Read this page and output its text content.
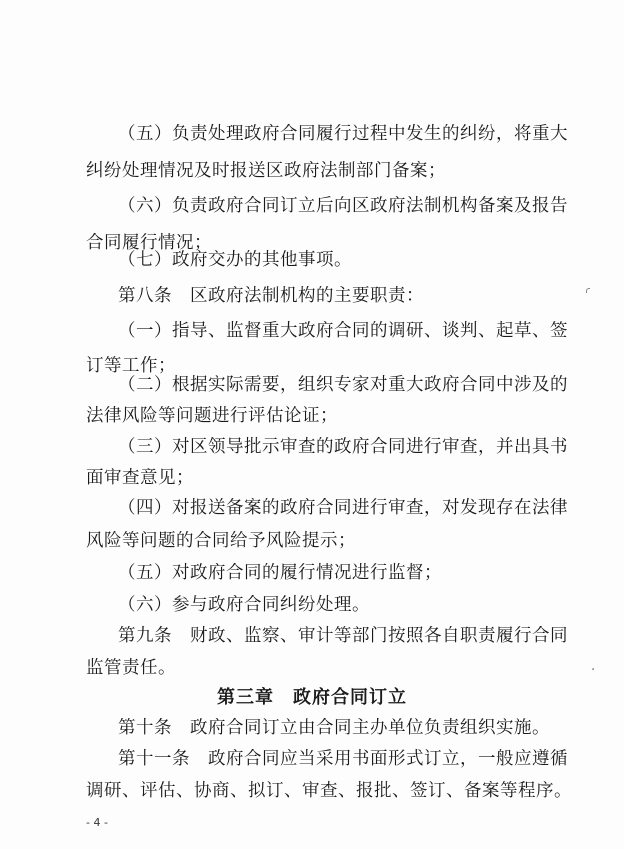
（五）负责处理政府合同履行过程中发生的纠纷，将重大
纠纷处理情况及时报送区政府法制部门备案；
（六）负责政府合同订立后向区政府法制机构备案及报告
合同履行情况；
（七）政府交办的其他事项。
第八条　区政府法制机构的主要职责：
（一）指导、监督重大政府合同的调研、谈判、起草、签
订等工作；
（二）根据实际需要，组织专家对重大政府合同中涉及的
法律风险等问题进行评估论证；
（三）对区领导批示审查的政府合同进行审查，并出具书
面审查意见；
（四）对报送备案的政府合同进行审查，对发现存在法律
风险等问题的合同给予风险提示；
（五）对政府合同的履行情况进行监督；
（六）参与政府合同纠纷处理。
第九条　财政、监察、审计等部门按照各自职责履行合同
监管责任。
第三章　政府合同订立
第十条　政府合同订立由合同主办单位负责组织实施。
第十一条　政府合同应当采用书面形式订立，一般应遵循
调研、评估、协商、拟订、审查、报批、签订、备案等程序。
- 4 -
